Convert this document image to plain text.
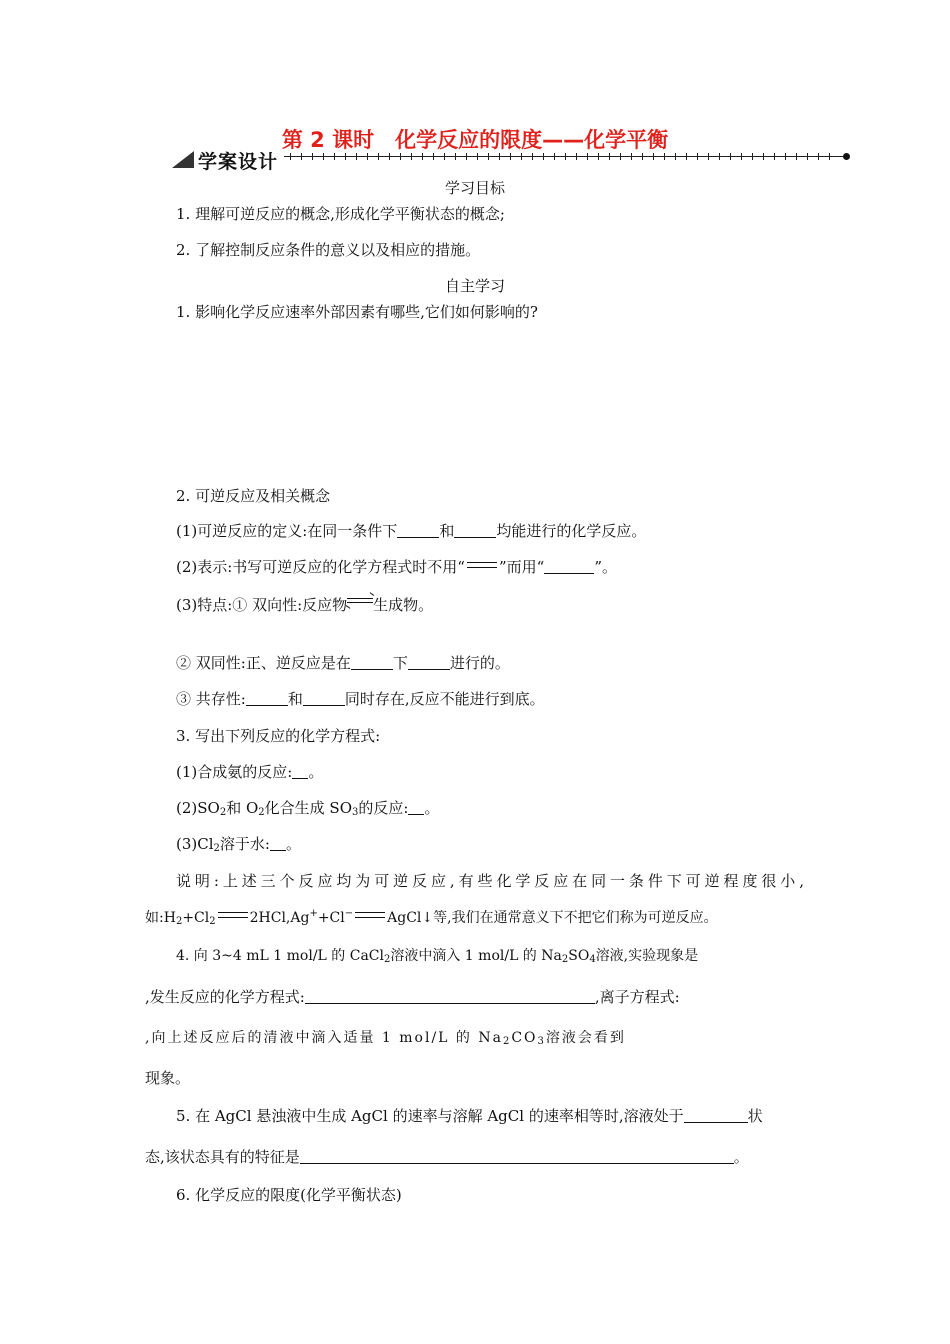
第 2 课时　化学反应的限度——化学平衡
学案设计
学习目标
1. 理解可逆反应的概念,形成化学平衡状态的概念;
2. 了解控制反应条件的意义以及相应的措施。
自主学习
1. 影响化学反应速率外部因素有哪些,它们如何影响的?
2. 可逆反应及相关概念
(1)可逆反应的定义:在同一条件下	和	均能进行的化学反应。
(2)表示:书写可逆反应的化学方程式时不用“ ”而用“	”。
(3)特点:① 双向性:反应物 生成物。
② 双同性:正、逆反应是在	下	进行的。
③ 共存性:	和	同时存在,反应不能进行到底。
3. 写出下列反应的化学方程式:
(1)合成氨的反应: 。
$(2)SO_2$和 $O_2$化合生成 $SO_3$的反应: 。
$(3)Cl_2$溶于水: 。
说明:上述三个反应均为可逆反应,有些化学反应在同一条件下可逆程度很小,
如$:H_2+Cl_2$ 2HCl,Ag++Cl− AgCl↓等,我们在通常意义下不把它们称为可逆反应。
4. 向 3~4 mL 1 mol/L 的 CaCl$_2$溶液中滴入 1 mol/L 的 $Na_2SO_4$溶液,实验现象是
,发生反应的化学方程式:	,离子方程式:
,向上述反应后的清液中滴入适量 1 mol/L 的 $Na_2CO_3$溶液会看到
现象。
5. 在 AgCl 悬浊液中生成 AgCl 的速率与溶解 AgCl 的速率相等时,溶液处于	状
态,该状态具有的特征是	。
6. 化学反应的限度(化学平衡状态)
